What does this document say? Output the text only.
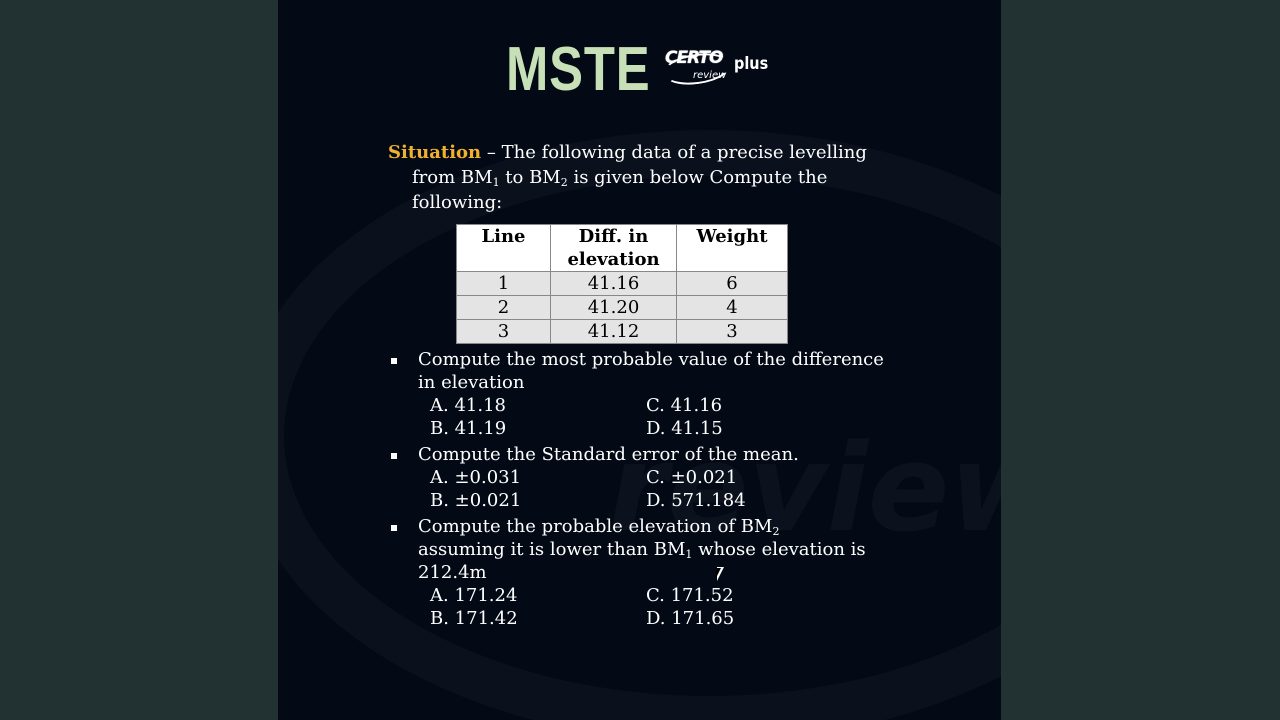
MSTE CERTO
review
plus

Situation – The following data of a precise levelling from $BM_1$ to $BM_2$ is given below Compute the following:

Line	Diff. in elevation	Weight
1	41.16	6
2	41.20	4
3	41.12	3
Compute the most probable value of the difference in elevation
A. 41.18	C. 41.16
B. 41.19	D. 41.15
Compute the Standard error of the mean.
A. ±0.031	C. ±0.021
B. ±0.021	D. 571.184
Compute the probable elevation of $BM_2$
assuming it is lower than $BM_1$ whose elevation is 212.4m
A. 171.24	C. 171.52
B. 171.42	D. 171.65
